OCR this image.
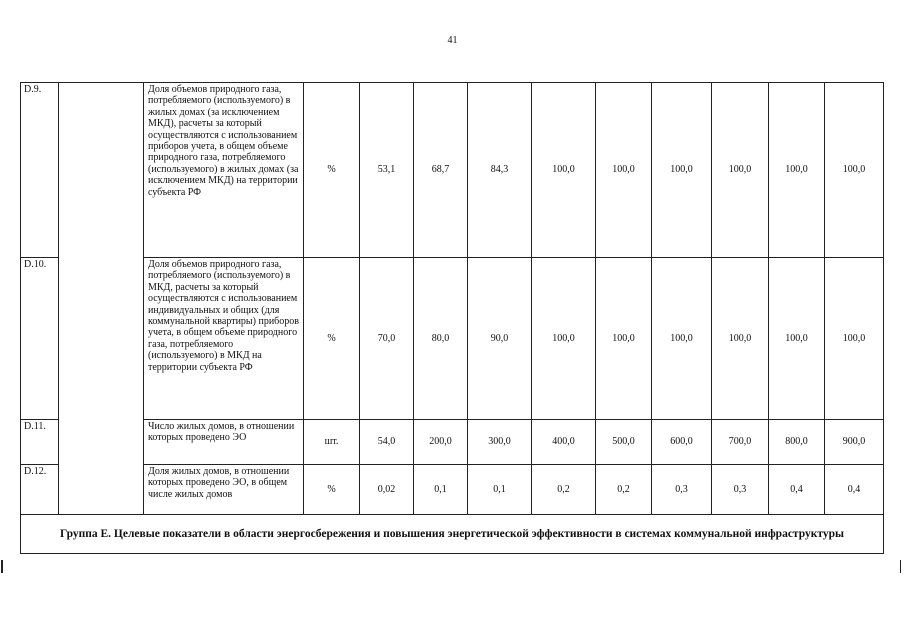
41
D.9.		Доля объемов природного газа, потребляемого (используемого) в жилых домах (за исключением МКД), расчеты за который осуществляются с использованием приборов учета, в общем объеме природного газа, потребляемого (используемого) в жилых домах (за исключением МКД) на территории субъекта РФ	%	53,1	68,7	84,3	100,0	100,0	100,0	100,0	100,0	100,0
D.10.		Доля объемов природного газа, потребляемого (используемого) в МКД, расчеты за который осуществляются с использованием индивидуальных и общих (для коммунальной квартиры) приборов учета, в общем объеме природного газа, потребляемого (используемого) в МКД на территории субъекта РФ	%	70,0	80,0	90,0	100,0	100,0	100,0	100,0	100,0	100,0
D.11.		Число жилых домов, в отношении которых проведено ЭО	шт.	54,0	200,0	300,0	400,0	500,0	600,0	700,0	800,0	900,0
D.12.		Доля жилых домов, в отношении которых проведено ЭО, в общем числе жилых домов	%	0,02	0,1	0,1	0,2	0,2	0,3	0,3	0,4	0,4
Группа E. Целевые показатели в области энергосбережения и повышения энергетической эффективности в системах коммунальной инфраструктуры												
